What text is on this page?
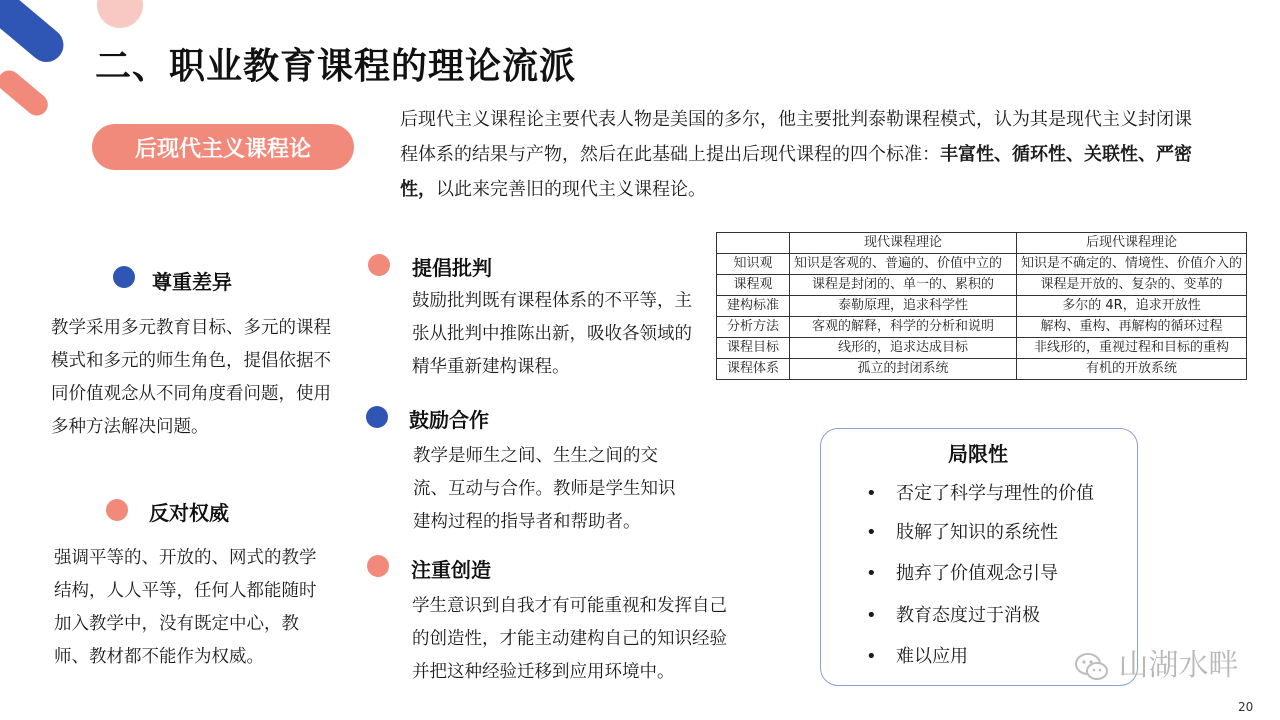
二、职业教育课程的理论流派
后现代主义课程论
后现代主义课程论主要代表人物是美国的多尔，他主要批判泰勒课程模式，认为其是现代主义封闭课程体系的结果与产物，然后在此基础上提出后现代课程的四个标准：丰富性、循环性、关联性、严密性，以此来完善旧的现代主义课程论。
尊重差异
教学采用多元教育目标、多元的课程模式和多元的师生角色，提倡依据不同价值观念从不同角度看问题，使用多种方法解决问题。
反对权威
强调平等的、开放的、网式的教学结构，人人平等，任何人都能随时加入教学中，没有既定中心，教师、教材都不能作为权威。
提倡批判
鼓励批判既有课程体系的不平等，主张从批判中推陈出新，吸收各领域的精华重新建构课程。
鼓励合作
教学是师生之间、生生之间的交流、互动与合作。教师是学生知识建构过程的指导者和帮助者。
注重创造
学生意识到自我才有可能重视和发挥自己的创造性，才能主动建构自己的知识经验并把这种经验迁移到应用环境中。
	现代课程理论	后现代课程理论
知识观	知识是客观的、普遍的、价值中立的	知识是不确定的、情境性、价值介入的
课程观	课程是封闭的、单一的、累积的	课程是开放的、复杂的、变革的
建构标准	泰勒原理，追求科学性	多尔的 4R，追求开放性
分析方法	客观的解释，科学的分析和说明	解构、重构、再解构的循环过程
课程目标	线形的，追求达成目标	非线形的，重视过程和目标的重构
课程体系	孤立的封闭系统	有机的开放系统
局限性
• 否定了科学与理性的价值
• 肢解了知识的系统性
• 抛弃了价值观念引导
• 教育态度过于消极
• 难以应用	山湖水畔
20
